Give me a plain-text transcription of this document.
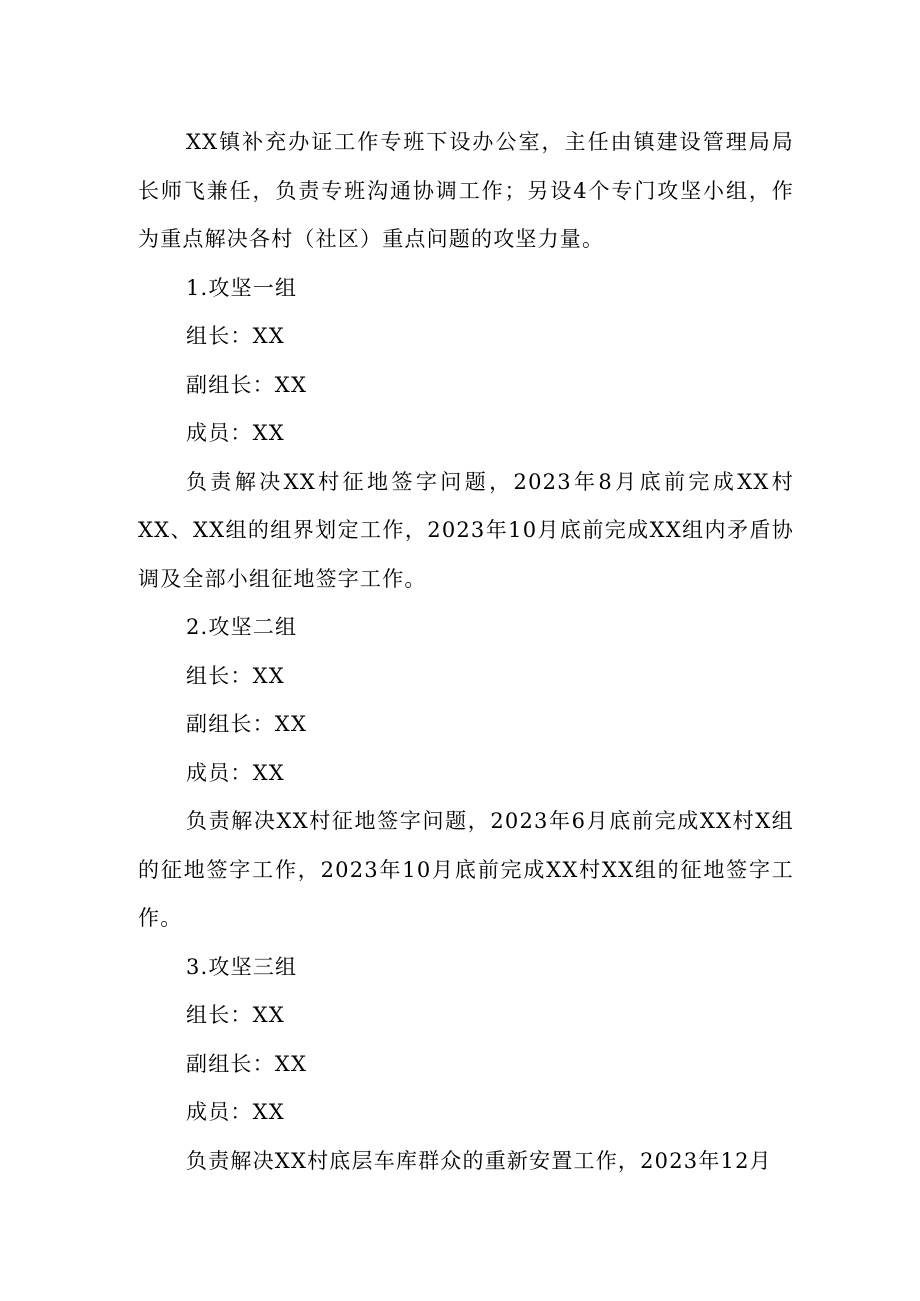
XX镇补充办证工作专班下设办公室，主任由镇建设管理局局长师飞兼任，负责专班沟通协调工作；另设4个专门攻坚小组，作为重点解决各村（社区）重点问题的攻坚力量。

1.攻坚一组

组长：XX

副组长：XX

成员：XX

负责解决XX村征地签字问题，2023年8月底前完成XX村XX、XX组的组界划定工作，2023年10月底前完成XX组内矛盾协调及全部小组征地签字工作。

2.攻坚二组

组长：XX

副组长：XX

成员：XX

负责解决XX村征地签字问题，2023年6月底前完成XX村X组的征地签字工作，2023年10月底前完成XX村XX组的征地签字工作。

3.攻坚三组

组长：XX

副组长：XX

成员：XX

负责解决XX村底层车库群众的重新安置工作，2023年12月
